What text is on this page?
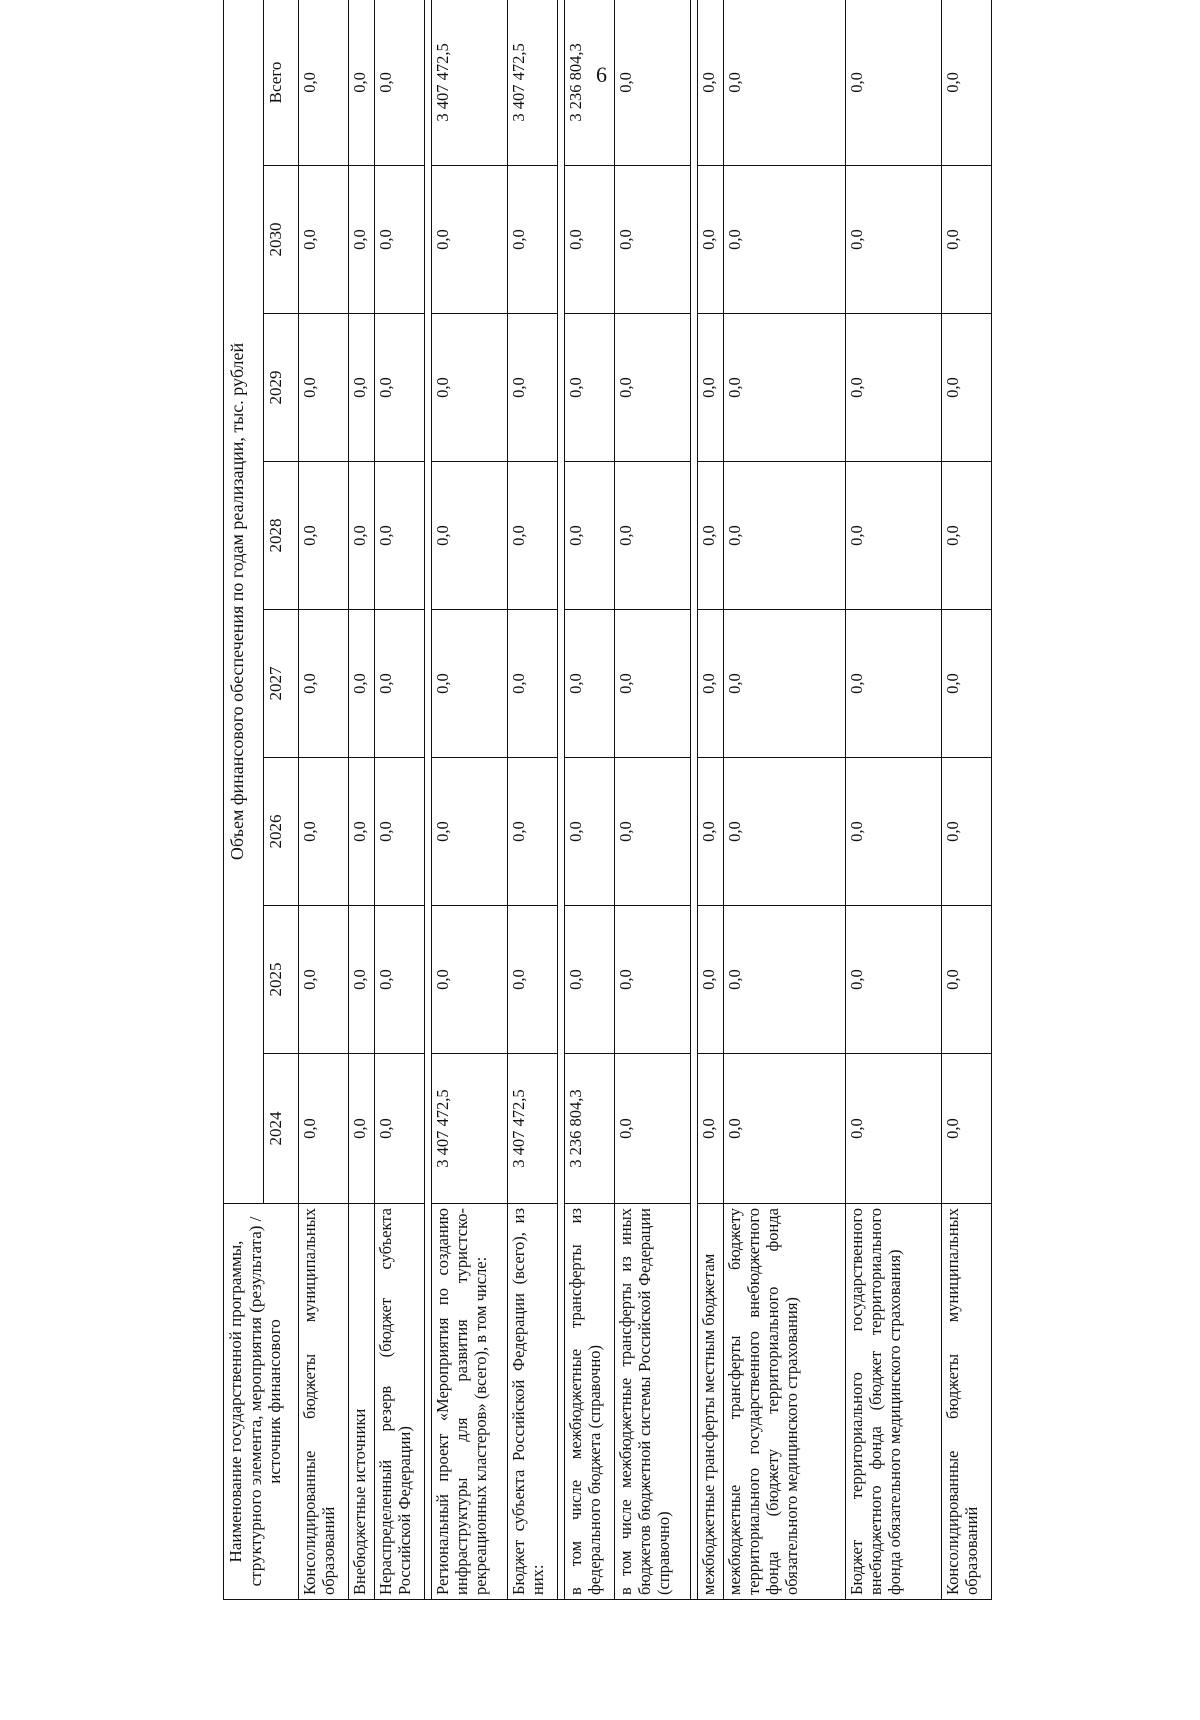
6
Наименование государственной программы, структурного элемента, мероприятия (результата) / источник финансового	Объем финансового обеспечения по годам реализации, тыс. рублей							
	2024	2025	2026	2027	2028	2029	2030	Всего
Консолидированные бюджеты муниципальных образований	0,0	0,0	0,0	0,0	0,0	0,0	0,0	0,0
Внебюджетные источники	0,0	0,0	0,0	0,0	0,0	0,0	0,0	0,0
Нераспределенный резерв (бюджет субъекта Российской Федерации)	0,0	0,0	0,0	0,0	0,0	0,0	0,0	0,0

Региональный проект «Мероприятия по созданию инфраструктуры для развития туристско-рекреационных кластеров» (всего), в том числе:	3 407 472,5	0,0	0,0	0,0	0,0	0,0	0,0	3 407 472,5
Бюджет субъекта Российской Федерации (всего), из них:	3 407 472,5	0,0	0,0	0,0	0,0	0,0	0,0	3 407 472,5

в том числе межбюджетные трансферты из федерального бюджета (справочно)	3 236 804,3	0,0	0,0	0,0	0,0	0,0	0,0	3 236 804,3
в том числе межбюджетные трансферты из иных бюджетов бюджетной системы Российской Федерации (справочно)	0,0	0,0	0,0	0,0	0,0	0,0	0,0	0,0

межбюджетные трансферты местным бюджетам	0,0	0,0	0,0	0,0	0,0	0,0	0,0	0,0
межбюджетные трансферты бюджету территориального государственного внебюджетного фонда (бюджету территориального фонда обязательного медицинского страхования)	0,0	0,0	0,0	0,0	0,0	0,0	0,0	0,0
Бюджет территориального государственного внебюджетного фонда (бюджет территориального фонда обязательного медицинского страхования)	0,0	0,0	0,0	0,0	0,0	0,0	0,0	0,0
Консолидированные бюджеты муниципальных образований	0,0	0,0	0,0	0,0	0,0	0,0	0,0	0,0
